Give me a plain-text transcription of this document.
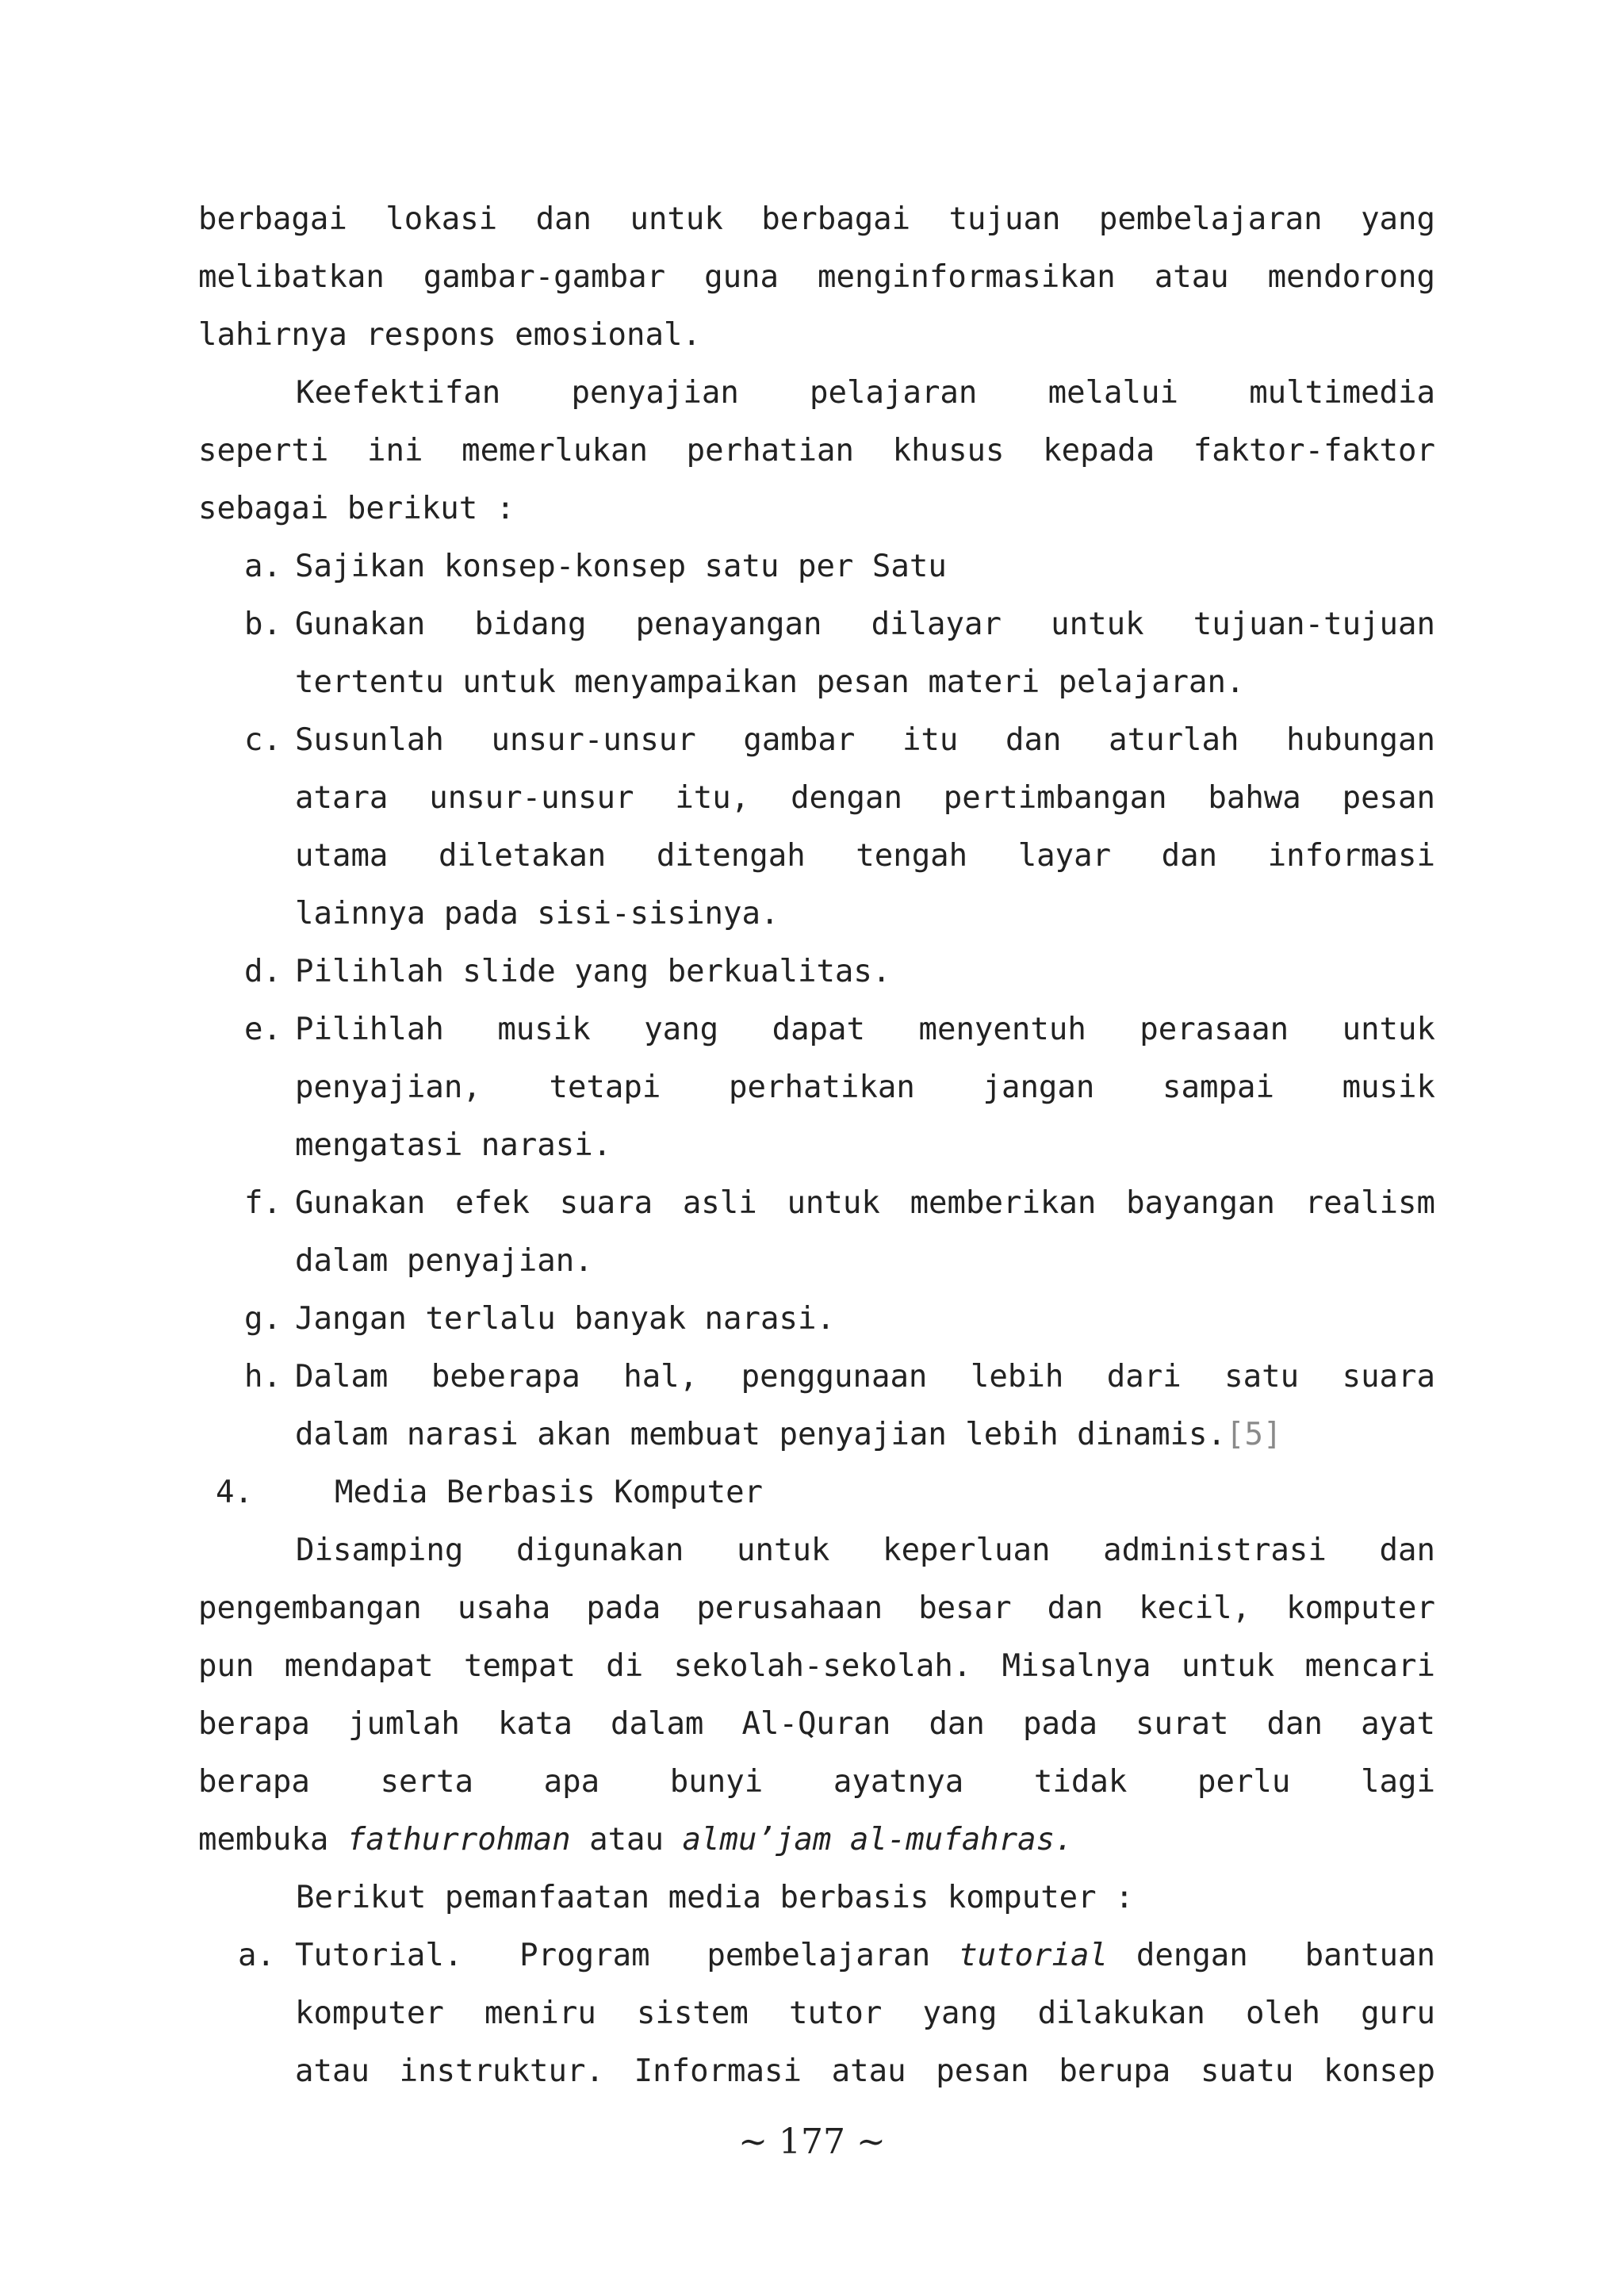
berbagai lokasi dan untuk berbagai tujuan pembelajaran yang

melibatkan gambar-gambar guna menginformasikan atau mendorong

lahirnya respons emosional.

Keefektifan penyajian pelajaran melalui multimedia

seperti ini memerlukan perhatian khusus kepada faktor-faktor

sebagai berikut :

a. Sajikan konsep-konsep satu per Satu

b. Gunakan bidang penayangan dilayar untuk tujuan-tujuan

tertentu untuk menyampaikan pesan materi pelajaran.

c. Susunlah unsur-unsur gambar itu dan aturlah hubungan

atara unsur-unsur itu, dengan pertimbangan bahwa pesan

utama diletakan ditengah tengah layar dan informasi

lainnya pada sisi-sisinya.

d. Pilihlah slide yang berkualitas.

e. Pilihlah musik yang dapat menyentuh perasaan untuk

penyajian, tetapi perhatikan jangan sampai musik

mengatasi narasi.

f. Gunakan efek suara asli untuk memberikan bayangan realism

dalam penyajian.

g. Jangan terlalu banyak narasi.

h. Dalam beberapa hal, penggunaan lebih dari satu suara

dalam narasi akan membuat penyajian lebih dinamis.[5]

4.	Media Berbasis Komputer

Disamping digunakan untuk keperluan administrasi dan

pengembangan usaha pada perusahaan besar dan kecil, komputer

pun mendapat tempat di sekolah-sekolah. Misalnya untuk mencari

berapa jumlah kata dalam Al-Quran dan pada surat dan ayat

berapa serta apa bunyi ayatnya tidak perlu lagi

membuka fathurrohman atau almu’jam al-mufahras.

Berikut pemanfaatan media berbasis komputer :

a. Tutorial.  Program  pembelajaran tutorial dengan  bantuan

komputer meniru sistem tutor yang dilakukan oleh guru

atau instruktur. Informasi atau pesan berupa suatu konsep

~ 177 ~
